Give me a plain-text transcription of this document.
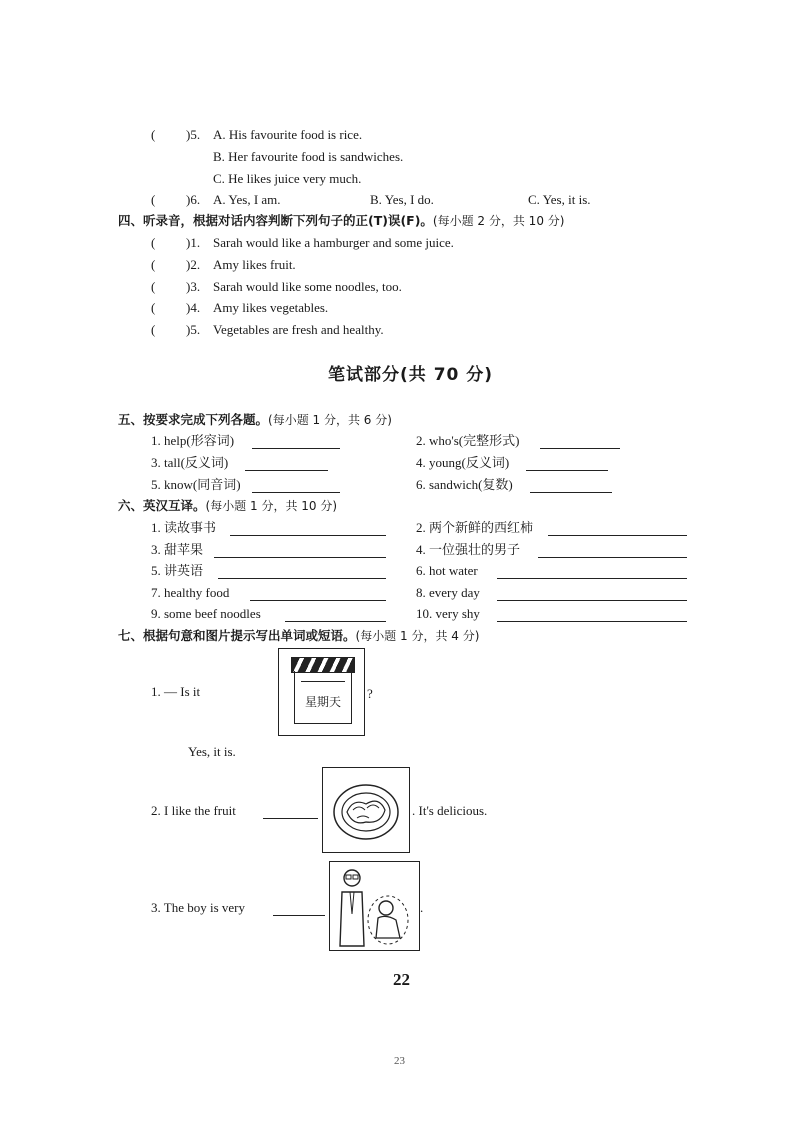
( )5. A. His favourite food is rice.
B. Her favourite food is sandwiches.
C. He likes juice very much.
( )6. A. Yes, I am.	B. Yes, I do.	C. Yes, it is.
四、听录音，根据对话内容判断下列句子的正(T)误(F)。(每小题 2 分，共 10 分)
( )1. Sarah would like a hamburger and some juice.
( )2. Amy likes fruit.
( )3. Sarah would like some noodles, too.
( )4. Amy likes vegetables.
( )5. Vegetables are fresh and healthy.
笔试部分(共 70 分)
五、按要求完成下列各题。(每小题 1 分，共 6 分)
1. help(形容词)	2. who's(完整形式)
3. tall(反义词)	4. young(反义词)
5. know(同音词)	6. sandwich(复数)
六、英汉互译。(每小题 1 分，共 10 分)
1. 读故事书	2. 两个新鲜的西红柿
3. 甜苹果	4. 一位强壮的男子
5. 讲英语	6. hot water
7. healthy food	8. every day
9. some beef noodles	10. very shy
七、根据句意和图片提示写出单词或短语。(每小题 1 分，共 4 分)
1. — Is it
星期天
?
Yes, it is.
2. I like the fruit	. It's delicious.
3. The boy is very	.
22
23
